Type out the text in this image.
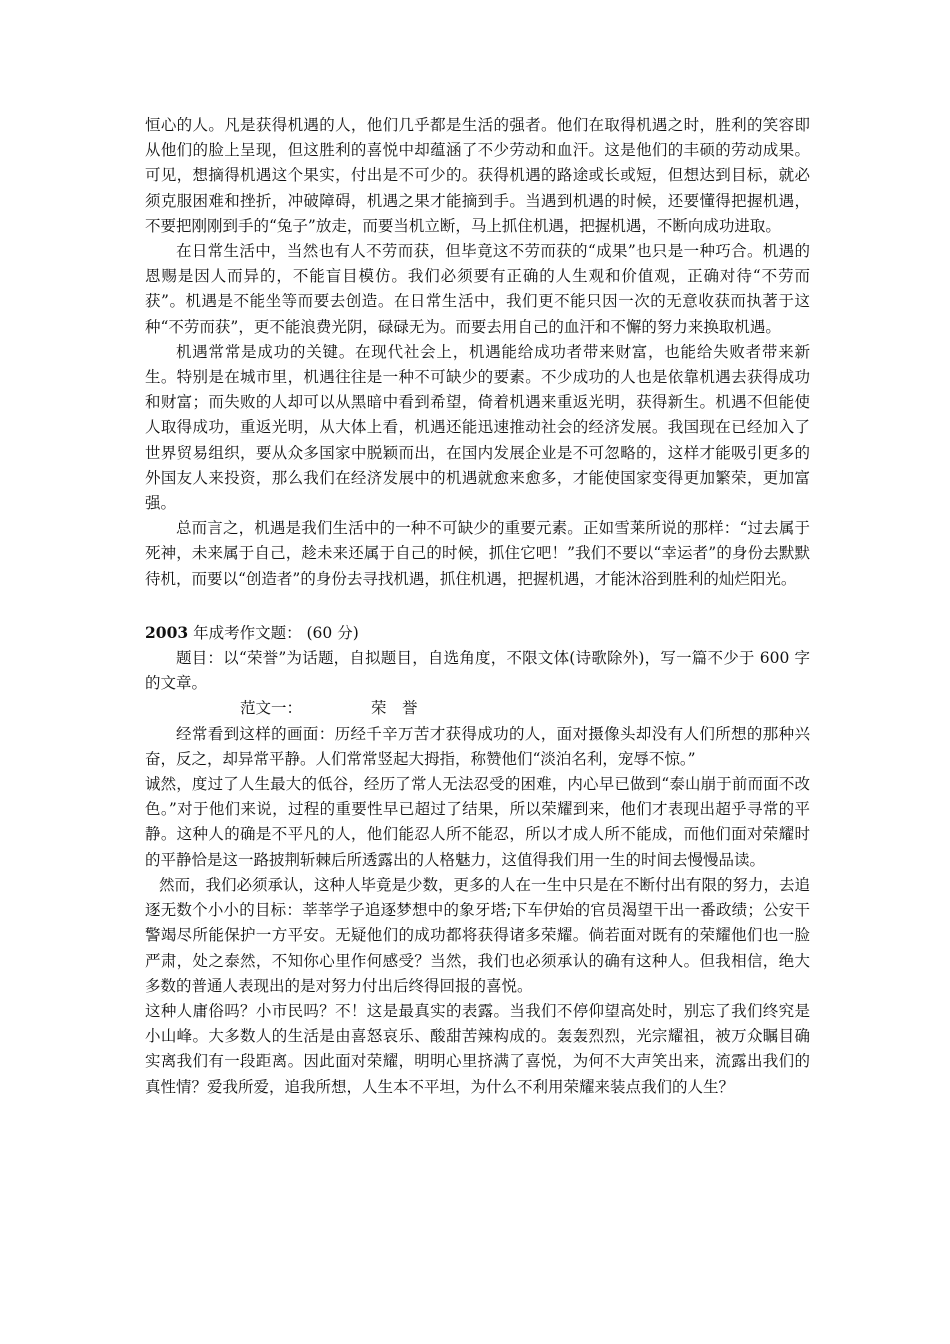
恒心的人。凡是获得机遇的人，他们几乎都是生活的强者。他们在取得机遇之时，胜利的笑容即从他们的脸上呈现，但这胜利的喜悦中却蕴涵了不少劳动和血汗。这是他们的丰硕的劳动成果。可见，想摘得机遇这个果实，付出是不可少的。获得机遇的路途或长或短，但想达到目标，就必须克服困难和挫折，冲破障碍，机遇之果才能摘到手。当遇到机遇的时候，还要懂得把握机遇，不要把刚刚到手的“兔子”放走，而要当机立断，马上抓住机遇，把握机遇，不断向成功进取。

在日常生活中，当然也有人不劳而获，但毕竟这不劳而获的“成果”也只是一种巧合。机遇的恩赐是因人而异的，不能盲目模仿。我们必须要有正确的人生观和价值观，正确对待“不劳而获”。机遇是不能坐等而要去创造。在日常生活中，我们更不能只因一次的无意收获而执著于这种“不劳而获”，更不能浪费光阴，碌碌无为。而要去用自己的血汗和不懈的努力来换取机遇。

机遇常常是成功的关键。在现代社会上，机遇能给成功者带来财富，也能给失败者带来新生。特别是在城市里，机遇往往是一种不可缺少的要素。不少成功的人也是依靠机遇去获得成功和财富；而失败的人却可以从黑暗中看到希望，倚着机遇来重返光明，获得新生。机遇不但能使人取得成功，重返光明，从大体上看，机遇还能迅速推动社会的经济发展。我国现在已经加入了世界贸易组织，要从众多国家中脱颖而出，在国内发展企业是不可忽略的，这样才能吸引更多的外国友人来投资，那么我们在经济发展中的机遇就愈来愈多，才能使国家变得更加繁荣，更加富强。

总而言之，机遇是我们生活中的一种不可缺少的重要元素。正如雪莱所说的那样：“过去属于死神，未来属于自己，趁未来还属于自己的时候，抓住它吧！”我们不要以“幸运者”的身份去默默待机，而要以“创造者”的身份去寻找机遇，抓住机遇，把握机遇，才能沐浴到胜利的灿烂阳光。

2003 年成考作文题： (60 分)

题目：以“荣誉”为话题，自拟题目，自选角度，不限文体(诗歌除外)，写一篇不少于 600 字的文章。

范文一：	荣　誉

经常看到这样的画面：历经千辛万苦才获得成功的人，面对摄像头却没有人们所想的那种兴奋，反之，却异常平静。人们常常竖起大拇指，称赞他们“淡泊名利，宠辱不惊。”

诚然，度过了人生最大的低谷，经历了常人无法忍受的困难，内心早已做到“泰山崩于前而面不改色。”对于他们来说，过程的重要性早已超过了结果，所以荣耀到来，他们才表现出超乎寻常的平静。这种人的确是不平凡的人，他们能忍人所不能忍，所以才成人所不能成，而他们面对荣耀时的平静恰是这一路披荆斩棘后所透露出的人格魅力，这值得我们用一生的时间去慢慢品读。

然而，我们必须承认，这种人毕竟是少数，更多的人在一生中只是在不断付出有限的努力，去追逐无数个小小的目标：莘莘学子追逐梦想中的象牙塔;下车伊始的官员渴望干出一番政绩；公安干警竭尽所能保护一方平安。无疑他们的成功都将获得诸多荣耀。倘若面对既有的荣耀他们也一脸严肃，处之泰然，不知你心里作何感受？当然，我们也必须承认的确有这种人。但我相信，绝大多数的普通人表现出的是对努力付出后终得回报的喜悦。

这种人庸俗吗？小市民吗？不！这是最真实的表露。当我们不停仰望高处时，别忘了我们终究是小山峰。大多数人的生活是由喜怒哀乐、酸甜苦辣构成的。轰轰烈烈，光宗耀祖，被万众瞩目确实离我们有一段距离。因此面对荣耀，明明心里挤满了喜悦，为何不大声笑出来，流露出我们的真性情？爱我所爱，追我所想，人生本不平坦，为什么不利用荣耀来装点我们的人生？
